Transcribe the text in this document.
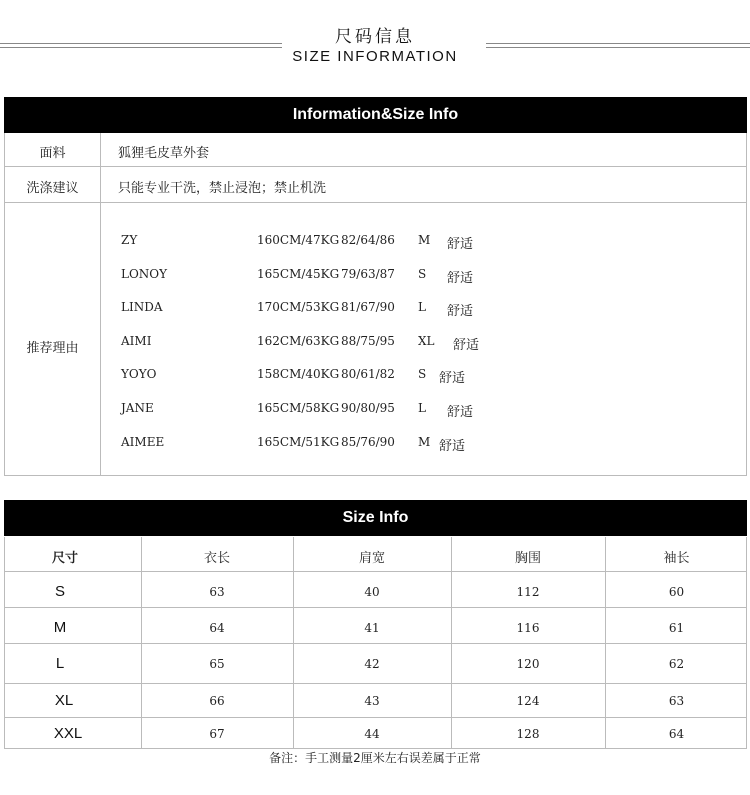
尺码信息
SIZE INFORMATION
Information&Size Info
面料	狐狸毛皮草外套
洗涤建议	只能专业干洗，禁止浸泡；禁止机洗
推荐理由
ZY	160CM/47KG 82/64/86 M 舒适
LONOY	165CM/45KG 79/63/87 S 舒适
LINDA	170CM/53KG 81/67/90 L 舒适
AIMI	162CM/63KG 88/75/95 XL 舒适
YOYO	158CM/40KG 80/61/82 S 舒适
JANE	165CM/58KG 90/80/95 L 舒适
AIMEE	165CM/51KG 85/76/90 M 舒适
Size Info
尺寸	衣长	肩宽	胸围	袖长
S	63	40	112	60
M	64	41	116	61
L	65	42	120	62
XL	66	43	124	63
XXL	67	44	128	64
备注：手工测量2厘米左右误差属于正常
